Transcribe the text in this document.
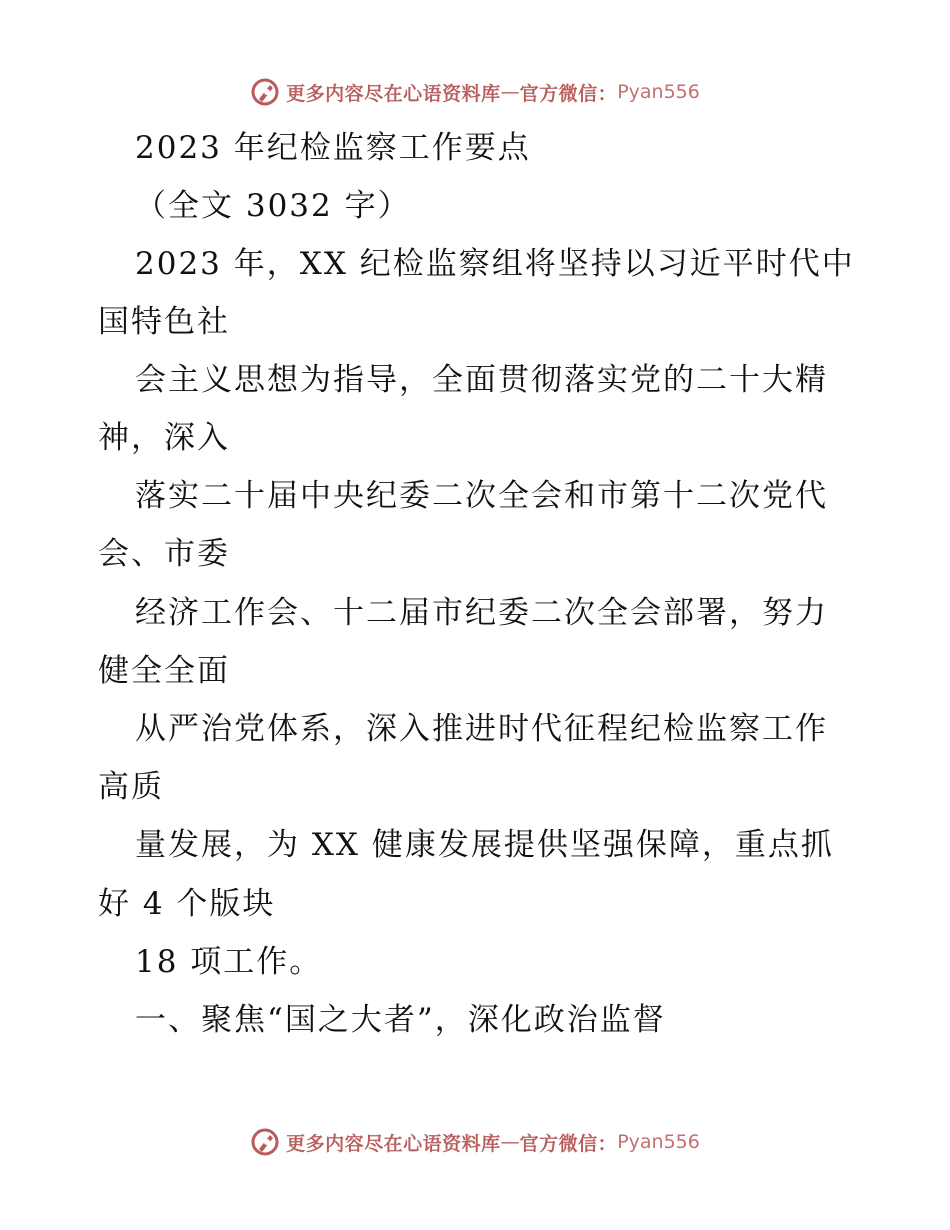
更多内容尽在心语资料库 — 官方微信： Pyan556
2023 年纪检监察工作要点
（全文 3032 字）
2023 年，XX 纪检监察组将坚持以习近平时代中
国特色社
会主义思想为指导，全面贯彻落实党的二十大精
神，深入
落实二十届中央纪委二次全会和市第十二次党代
会、市委
经济工作会、十二届市纪委二次全会部署，努力
健全全面
从严治党体系，深入推进时代征程纪检监察工作
高质
量发展，为 XX 健康发展提供坚强保障，重点抓
好 4 个版块
18 项工作。
一、聚焦“国之大者”，深化政治监督
更多内容尽在心语资料库 — 官方微信： Pyan556
